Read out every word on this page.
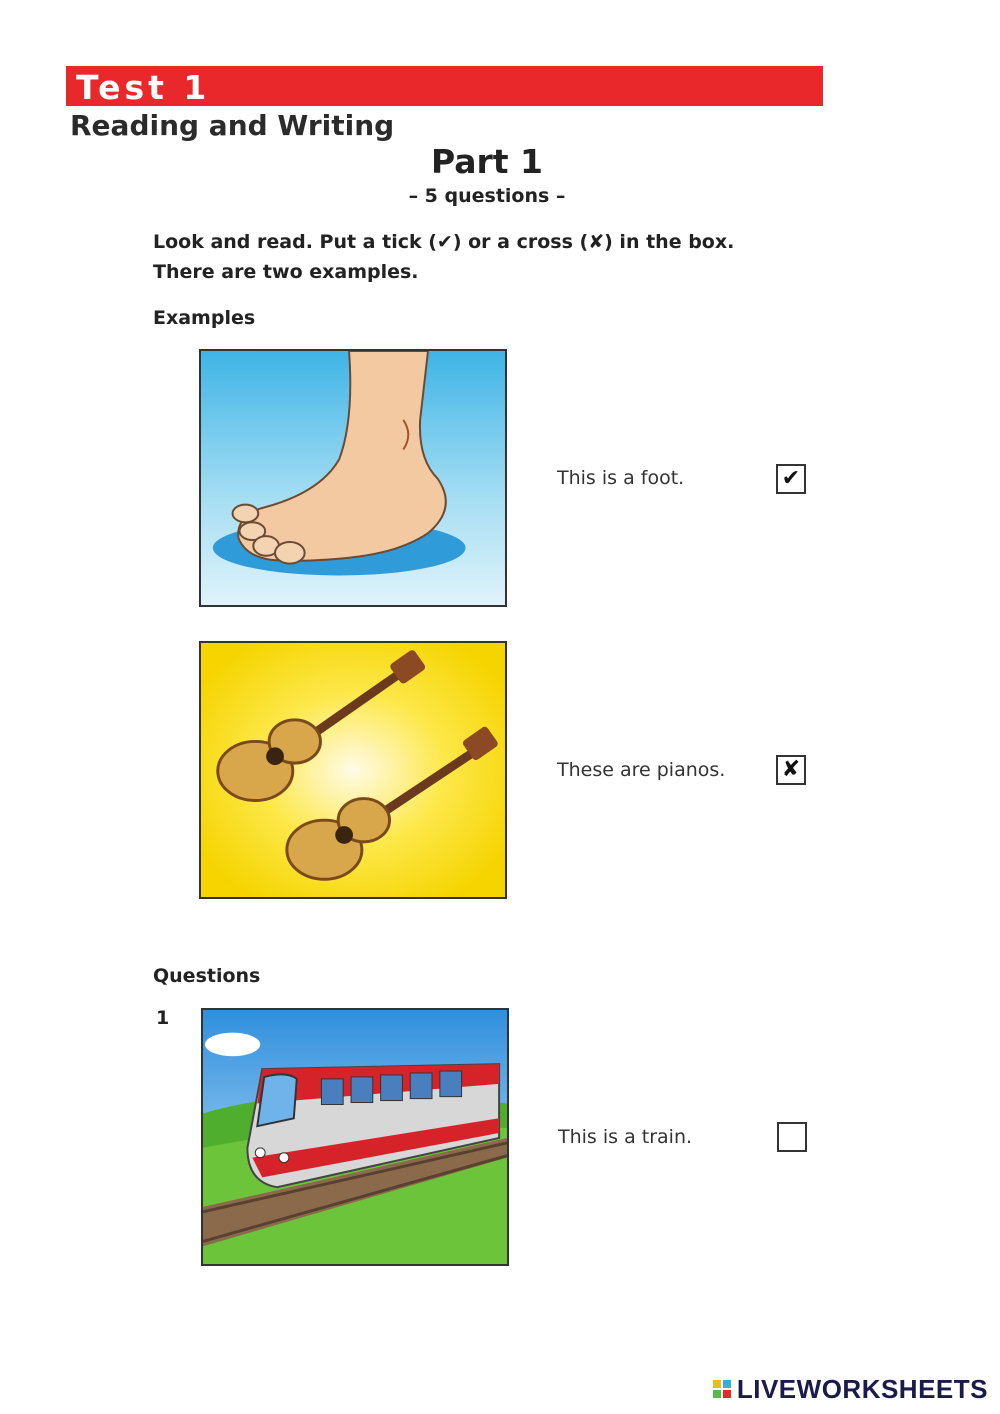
Test 1
Reading and Writing
Part 1
– 5 questions –
Look and read. Put a tick (✔) or a cross (✘) in the box.
There are two examples.
Examples
This is a foot.	✔
These are pianos.	✘
Questions
1
This is a train.
LIVEWORKSHEETS
